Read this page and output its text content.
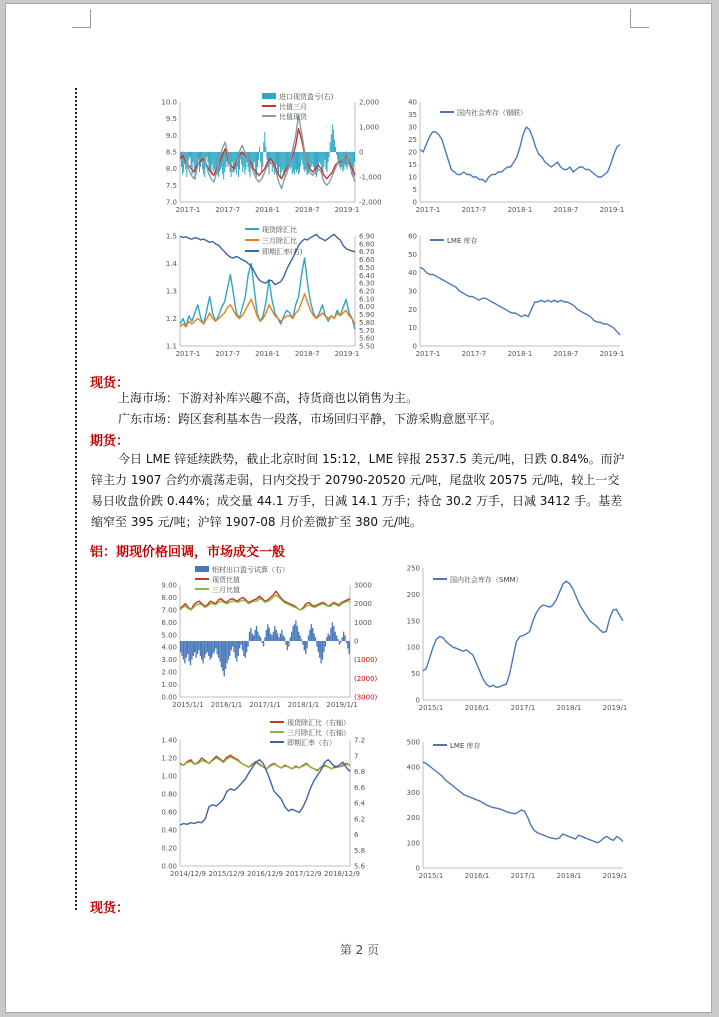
10.0
9.5
9.0
8.5
8.0
7.5
7.0
2,000
1,000
0
-1,000
-2,000
2017-1 2017-7 2018-1 2018-7 2019-1
进口现货盈亏(右)
比值三月
比值现货
40
35
30
25
20
15
10
5
0
2017-1	2017-7	2018-1	2018-7	2019-1
国内社会库存（钢联）
1.5
1.4
1.3
1.2
1.1
6.90
6.80
6.70
6.60
6.50
6.40
6.30
6.20
6.10
6.00
5.90
5.80
5.70
5.60
5.50
2017-1 2017-7 2018-1 2018-7 2019-1
现货除汇比
三月除汇比
即期汇率(右)
60
50
40
30
20
10
0
2017-1	2017-7	2018-1	2018-7	2019-1
LME 库存
现货：
上海市场：下游对补库兴趣不高，持货商也以销售为主。
广东市场：跨区套利基本告一段落，市场回归平静，下游采购意愿平平。
期货：
今日 LME 锌延续跌势，截止北京时间 15:12，LME 锌报 2537.5 美元/吨，日跌 0.84%。而沪
锌主力 1907 合约亦震荡走弱，日内交投于 20790-20520 元/吨，尾盘收 20575 元/吨，较上一交
易日收盘价跌 0.44%；成交量 44.1 万手，日减 14.1 万手；持仓 30.2 万手，日减 3412 手。基差
缩窄至 395 元/吨；沪锌 1907-08 月价差微扩至 380 元/吨。
铝：期现价格回调，市场成交一般
9.00
8.00
7.00
6.00
5.00
4.00
3.00
2.00
1.00
0.00
3000
2000
1000
0
(1000)
(2000)
(3000)
2015/1/1 2016/1/1 2017/1/1 2018/1/1 2019/1/1
铝材出口盈亏试算（右）
现货比值
三月比值
250
200
150
100
50
0
2015/1	2016/1	2017/1	2018/1	2019/1
国内社会库存（SMM）
1.40
1.20
1.00
0.80
0.60
0.40
0.20
0.00
7.2
7
6.8
6.6
6.4
6.2
6
5.8
5.6
2014/12/9 2015/12/9 2016/12/9 2017/12/9 2018/12/9
现货除汇比（右轴）
三月除汇比（右轴）
即期汇率（右）	500
400
300
200
100
0
2015/1	2016/1	2017/1	2018/1	2019/1
LME 库存
现货：
第 2 页
